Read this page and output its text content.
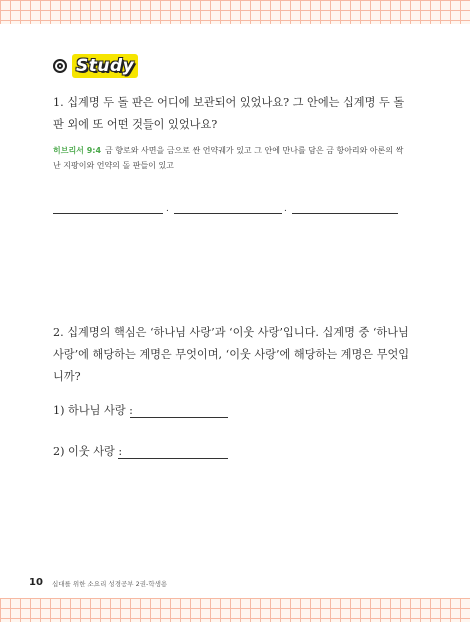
Study
1. 십계명 두 돌 판은 어디에 보관되어 있었나요? 그 안에는 십계명 두 돌 판 외에 또 어떤 것들이 있었나요?
히브리서 9:4 금 향로와 사면을 금으로 싼 언약궤가 있고 그 안에 만나를 담은 금 항아리와 아론의 싹 난 지팡이와 언약의 돌 판들이 있고
.	.
2. 십계명의 핵심은 ‘하나님 사랑’과 ‘이웃 사랑’입니다. 십계명 중 ‘하나님 사랑’에 해당하는 계명은 무엇이며, ‘이웃 사랑’에 해당하는 계명은 무엇입니까?
1) 하나님 사랑 :
2) 이웃 사랑 :
10 십대를 위한 소요리 성경공부 2권-학생용
